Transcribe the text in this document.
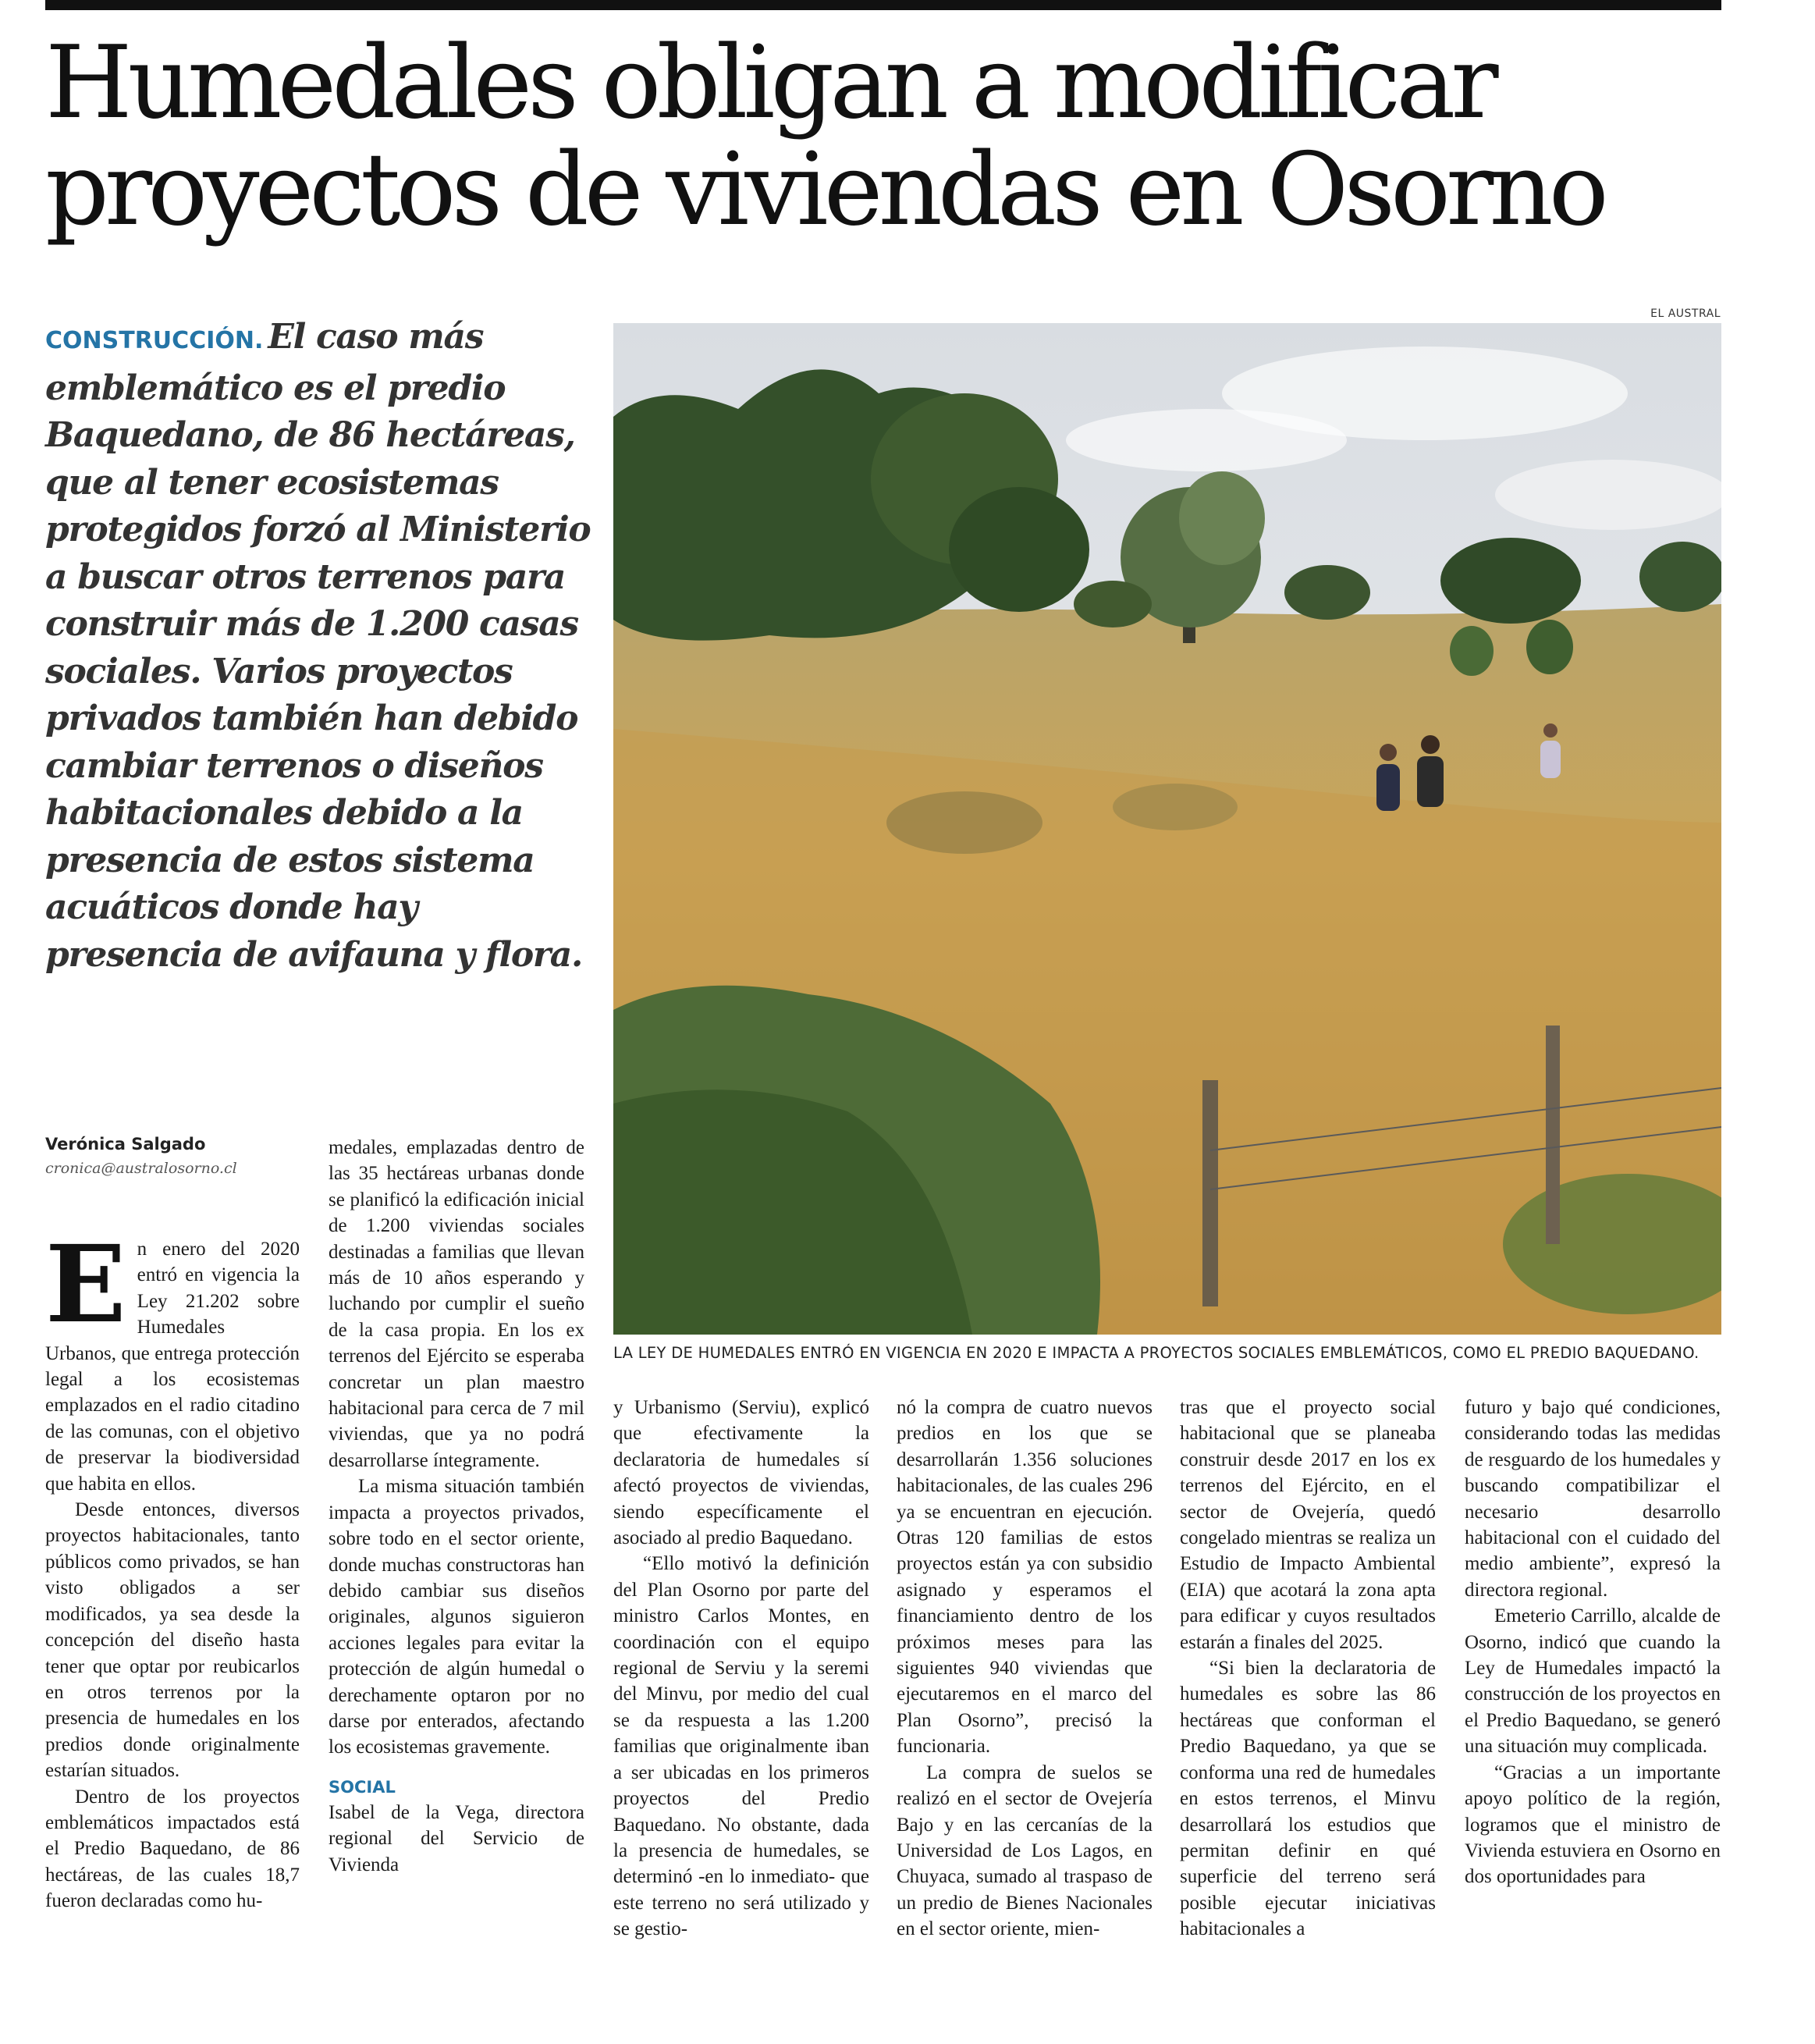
Humedales obligan a modificar
proyectos de viviendas en Osorno

CONSTRUCCIÓN. El caso más emblemático es el predio Baquedano, de 86 hectáreas, que al tener ecosistemas protegidos forzó al Ministerio a buscar otros terrenos para construir más de 1.200 casas sociales. Varios proyectos privados también han debido cambiar terrenos o diseños habitacionales debido a la presencia de estos sistema acuáticos donde hay presencia de avifauna y flora.

EL AUSTRAL

LA LEY DE HUMEDALES ENTRÓ EN VIGENCIA EN 2020 E IMPACTA A PROYECTOS SOCIALES EMBLEMÁTICOS, COMO EL PREDIO BAQUEDANO.

Verónica Salgado

cronica@australosorno.cl

E n enero del 2020 entró en vigencia la Ley 21.202 sobre Humedales Urbanos, que entrega protección legal a los ecosistemas emplazados en el radio citadino de las comunas, con el objetivo de preservar la biodiversidad que habita en ellos.

Desde entonces, diversos proyectos habitacionales, tanto públicos como privados, se han visto obligados a ser modificados, ya sea desde la concepción del diseño hasta tener que optar por reubicarlos en otros terrenos por la presencia de humedales en los predios donde originalmente estarían situados.

Dentro de los proyectos emblemáticos impactados está el Predio Baquedano, de 86 hectáreas, de las cuales 18,7 fueron declaradas como hu-

medales, emplazadas dentro de las 35 hectáreas urbanas donde se planificó la edificación inicial de 1.200 viviendas sociales destinadas a familias que llevan más de 10 años esperando y luchando por cumplir el sueño de la casa propia. En los ex terrenos del Ejército se esperaba concretar un plan maestro habitacional para cerca de 7 mil viviendas, que ya no podrá desarrollarse íntegramente.

La misma situación también impacta a proyectos privados, sobre todo en el sector oriente, donde muchas constructoras han debido cambiar sus diseños originales, algunos siguieron acciones legales para evitar la protección de algún humedal o derechamente optaron por no darse por enterados, afectando los ecosistemas gravemente.

SOCIAL

Isabel de la Vega, directora regional del Servicio de Vivienda

y Urbanismo (Serviu), explicó que efectivamente la declaratoria de humedales sí afectó proyectos de viviendas, siendo específicamente el asociado al predio Baquedano.

“Ello motivó la definición del Plan Osorno por parte del ministro Carlos Montes, en coordinación con el equipo regional de Serviu y la seremi del Minvu, por medio del cual se da respuesta a las 1.200 familias que originalmente iban a ser ubicadas en los primeros proyectos del Predio Baquedano. No obstante, dada la presencia de humedales, se determinó -en lo inmediato- que este terreno no será utilizado y se gestio-

nó la compra de cuatro nuevos predios en los que se desarrollarán 1.356 soluciones habitacionales, de las cuales 296 ya se encuentran en ejecución. Otras 120 familias de estos proyectos están ya con subsidio asignado y esperamos el financiamiento dentro de los próximos meses para las siguientes 940 viviendas que ejecutaremos en el marco del Plan Osorno”, precisó la funcionaria.

La compra de suelos se realizó en el sector de Ovejería Bajo y en las cercanías de la Universidad de Los Lagos, en Chuyaca, sumado al traspaso de un predio de Bienes Nacionales en el sector oriente, mien-

tras que el proyecto social habitacional que se planeaba construir desde 2017 en los ex terrenos del Ejército, en el sector de Ovejería, quedó congelado mientras se realiza un Estudio de Impacto Ambiental (EIA) que acotará la zona apta para edificar y cuyos resultados estarán a finales del 2025.

“Si bien la declaratoria de humedales es sobre las 86 hectáreas que conforman el Predio Baquedano, ya que se conforma una red de humedales en estos terrenos, el Minvu desarrollará los estudios que permitan definir en qué superficie del terreno será posible ejecutar iniciativas habitacionales a

futuro y bajo qué condiciones, considerando todas las medidas de resguardo de los humedales y buscando compatibilizar el necesario desarrollo habitacional con el cuidado del medio ambiente”, expresó la directora regional.

Emeterio Carrillo, alcalde de Osorno, indicó que cuando la Ley de Humedales impactó la construcción de los proyectos en el Predio Baquedano, se generó una situación muy complicada.

“Gracias a un importante apoyo político de la región, logramos que el ministro de Vivienda estuviera en Osorno en dos oportunidades para
